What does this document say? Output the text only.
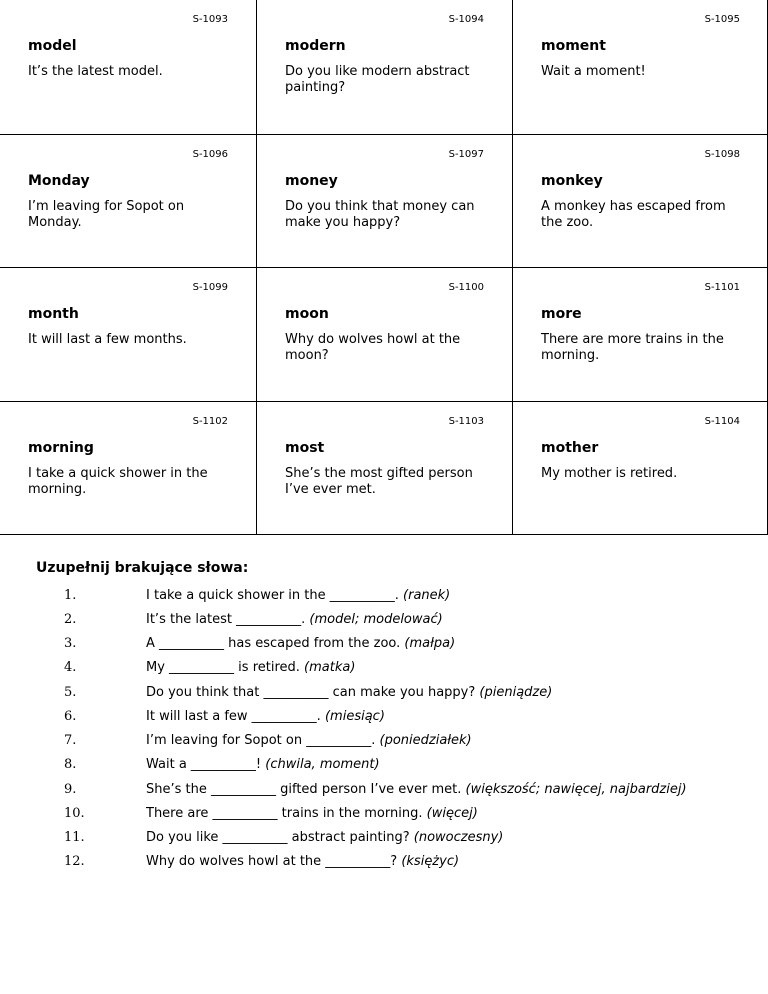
S-1093
model
It’s the latest model.
S-1094
modern
Do you like modern abstract painting?
S-1095
moment
Wait a moment!
S-1096
Monday
I’m leaving for Sopot on Monday.
S-1097
money
Do you think that money can make you happy?
S-1098
monkey
A monkey has escaped from the zoo.
S-1099
month
It will last a few months.
S-1100
moon
Why do wolves howl at the moon?
S-1101
more
There are more trains in the morning.
S-1102
morning
I take a quick shower in the morning.
S-1103
most
She’s the most gifted person I’ve ever met.
S-1104
mother
My mother is retired.
Uzupełnij brakujące słowa:
1.	I take a quick shower in the __________. (ranek)
2.	It’s the latest __________. (model; modelować)
3.	A __________ has escaped from the zoo. (małpa)
4.	My __________ is retired. (matka)
5.	Do you think that __________ can make you happy? (pieniądze)
6.	It will last a few __________. (miesiąc)
7.	I’m leaving for Sopot on __________. (poniedziałek)
8.	Wait a __________! (chwila, moment)
9.	She’s the __________ gifted person I’ve ever met. (większość; nawięcej, najbardziej)
10.	There are __________ trains in the morning. (więcej)
11.	Do you like __________ abstract painting? (nowoczesny)
12.	Why do wolves howl at the __________? (księżyc)
